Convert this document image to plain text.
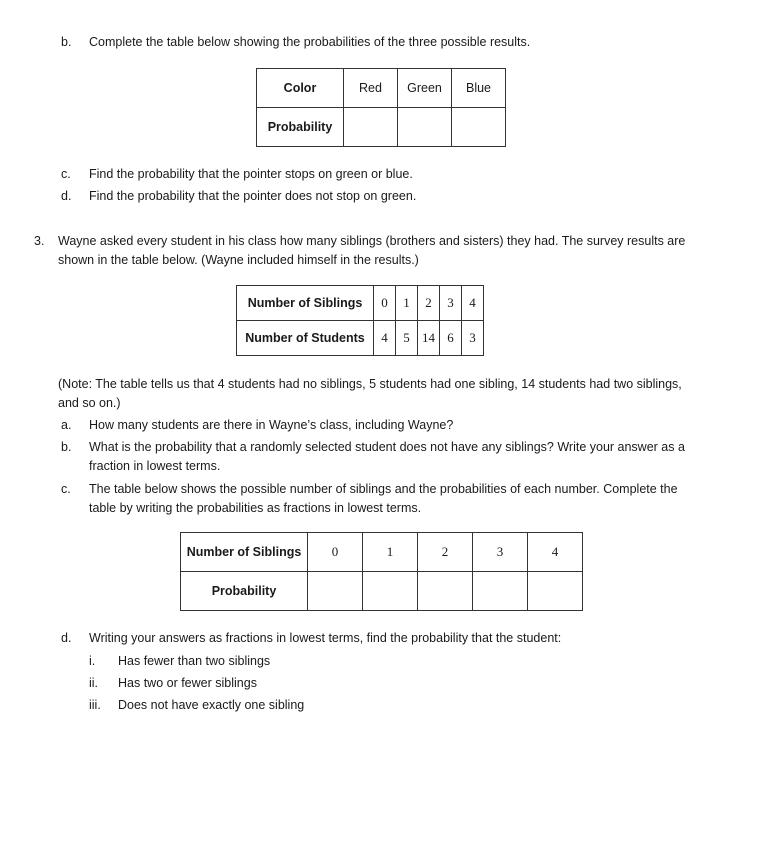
b. Complete the table below showing the probabilities of the three possible results.
Color	Red	Green	Blue
Probability			
c. Find the probability that the pointer stops on green or blue.
d. Find the probability that the pointer does not stop on green.
3. Wayne asked every student in his class how many siblings (brothers and sisters) they had. The survey results are
shown in the table below. (Wayne included himself in the results.)
Number of Siblings	0	1	2	3	4
Number of Students	4	5	14	6	3
(Note: The table tells us that 4 students had no siblings, 5 students had one sibling, 14 students had two siblings,
and so on.)
a. How many students are there in Wayne’s class, including Wayne?
b. What is the probability that a randomly selected student does not have any siblings? Write your answer as a
fraction in lowest terms.
c. The table below shows the possible number of siblings and the probabilities of each number. Complete the
table by writing the probabilities as fractions in lowest terms.
Number of Siblings	0	1	2	3	4
Probability					
d. Writing your answers as fractions in lowest terms, find the probability that the student:
i. Has fewer than two siblings
ii. Has two or fewer siblings
iii. Does not have exactly one sibling
